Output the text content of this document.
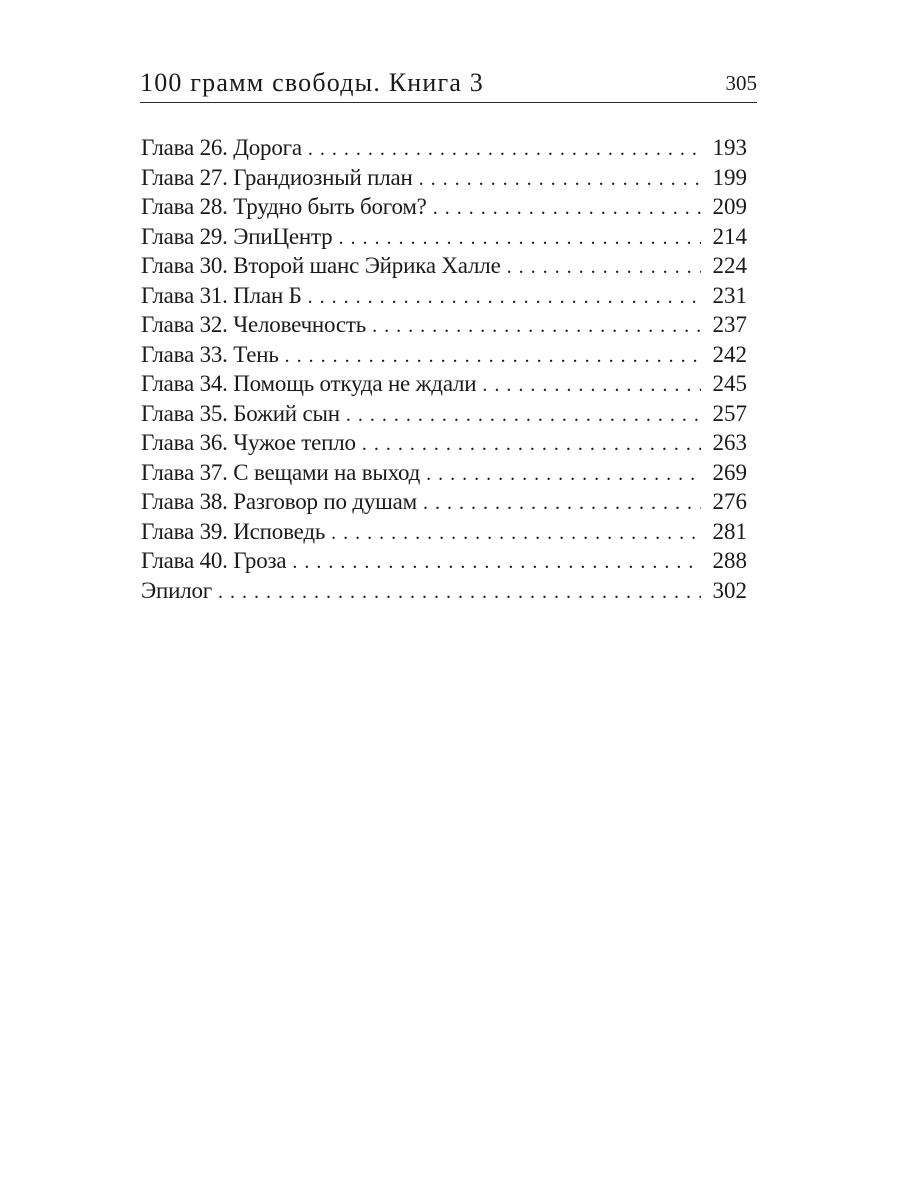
100 грамм свободы. Книга 3	305
Глава 26. Дорога . . .	193
Глава 27. Грандиозный план . . .	199
Глава 28. Трудно быть богом? . . .	209
Глава 29. ЭпиЦентр . . .	214
Глава 30. Второй шанс Эйрика Халле . . .	224
Глава 31. План Б . . .	231
Глава 32. Человечность . . .	237
Глава 33. Тень . . .	242
Глава 34. Помощь откуда не ждали . . .	245
Глава 35. Божий сын . . .	257
Глава 36. Чужое тепло . . .	263
Глава 37. С вещами на выход . . .	269
Глава 38. Разговор по душам . . .	276
Глава 39. Исповедь . . .	281
Глава 40. Гроза . . .	288
Эпилог . . .	302
